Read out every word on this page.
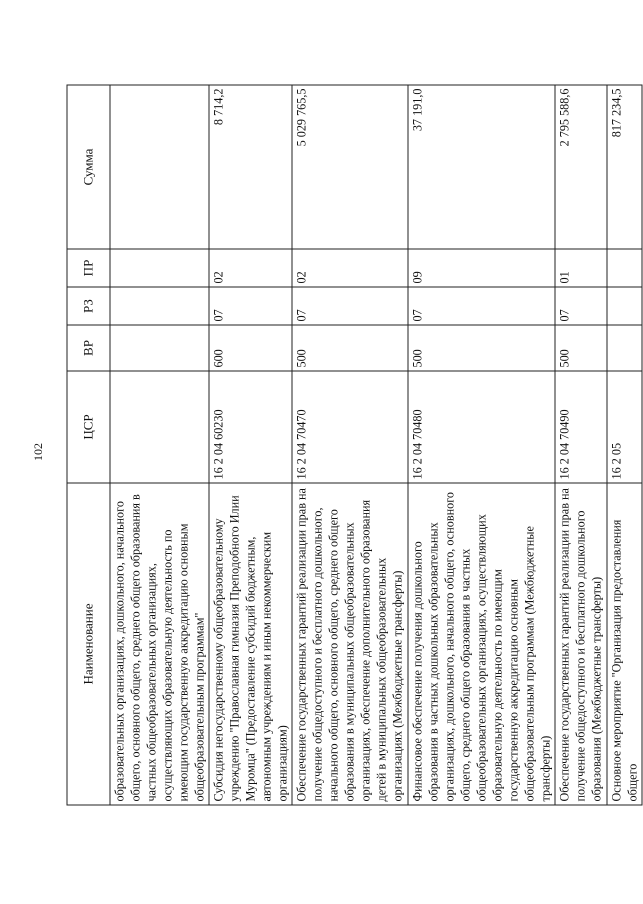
102
Наименование	ЦСР	ВР	РЗ	ПР	Сумма
образовательных организациях, дошкольного, начального общего, основного общего, среднего общего образования в частных общеобразовательных организациях, осуществляющих образовательную деятельность по имеющим государственную аккредитацию основным общеобразовательным программам"					
Субсидия негосударственному общеобразовательному учреждению "Православная гимназия Преподобного Илии Муромца" (Предоставление субсидий бюджетным, автономным учреждениям и иным некоммерческим организациям)	16 2 04 60230	600	07	02	8 714,2
Обеспечение государственных гарантий реализации прав на получение общедоступного и бесплатного дошкольного, начального общего, основного общего, среднего общего образования в муниципальных общеобразовательных организациях, обеспечение дополнительного образования детей в муниципальных общеобразовательных организациях (Межбюджетные трансферты)	16 2 04 70470	500	07	02	5 029 765,5
Финансовое обеспечение получения дошкольного образования в частных дошкольных образовательных организациях, дошкольного, начального общего, основного общего, среднего общего образования в частных общеобразовательных организациях, осуществляющих образовательную деятельность по имеющим государственную аккредитацию основным общеобразовательным программам (Межбюджетные трансферты)	16 2 04 70480	500	07	09	37 191,0
Обеспечение государственных гарантий реализации прав на получение общедоступного и бесплатного дошкольного образования (Межбюджетные трансферты)	16 2 04 70490	500	07	01	2 795 588,6
Основное мероприятие "Организация предоставления общего	16 2 05				817 234,5
